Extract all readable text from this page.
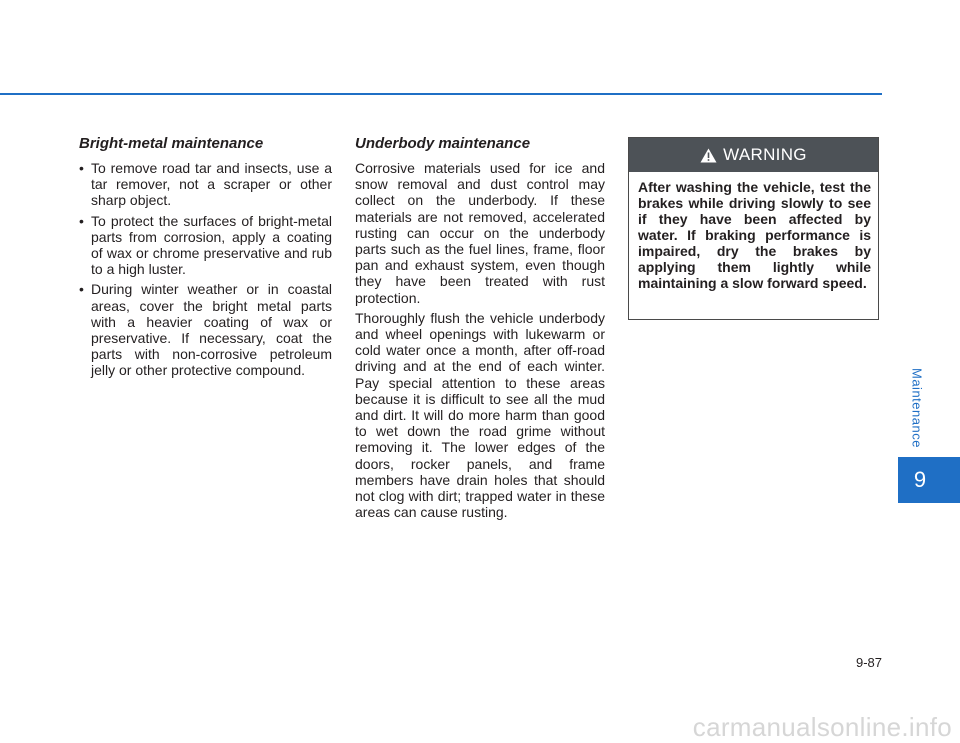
Bright-metal maintenance
• To remove road tar and insects, use a tar remover, not a scraper or other sharp object.
• To protect the surfaces of bright-metal parts from corrosion, apply a coating of wax or chrome preservative and rub to a high luster.
• During winter weather or in coastal areas, cover the bright metal parts with a heavier coating of wax or preservative. If necessary, coat the parts with non-corrosive petroleum jelly or other protective compound.
Underbody maintenance

Corrosive materials used for ice and snow removal and dust control may collect on the underbody. If these materials are not removed, accelerated rusting can occur on the underbody parts such as the fuel lines, frame, floor pan and exhaust system, even though they have been treated with rust protection.

Thoroughly flush the vehicle underbody and wheel openings with lukewarm or cold water once a month, after off-road driving and at the end of each winter. Pay special attention to these areas because it is difficult to see all the mud and dirt. It will do more harm than good to wet down the road grime without removing it. The lower edges of the doors, rocker panels, and frame members have drain holes that should not clog with dirt; trapped water in these areas can cause rusting.

WARNING
After washing the vehicle, test the brakes while driving slowly to see if they have been affected by water. If braking performance is impaired, dry the brakes by applying them lightly while maintaining a slow forward speed.
Maintenance
9
9-87
carmanualsonline.info
